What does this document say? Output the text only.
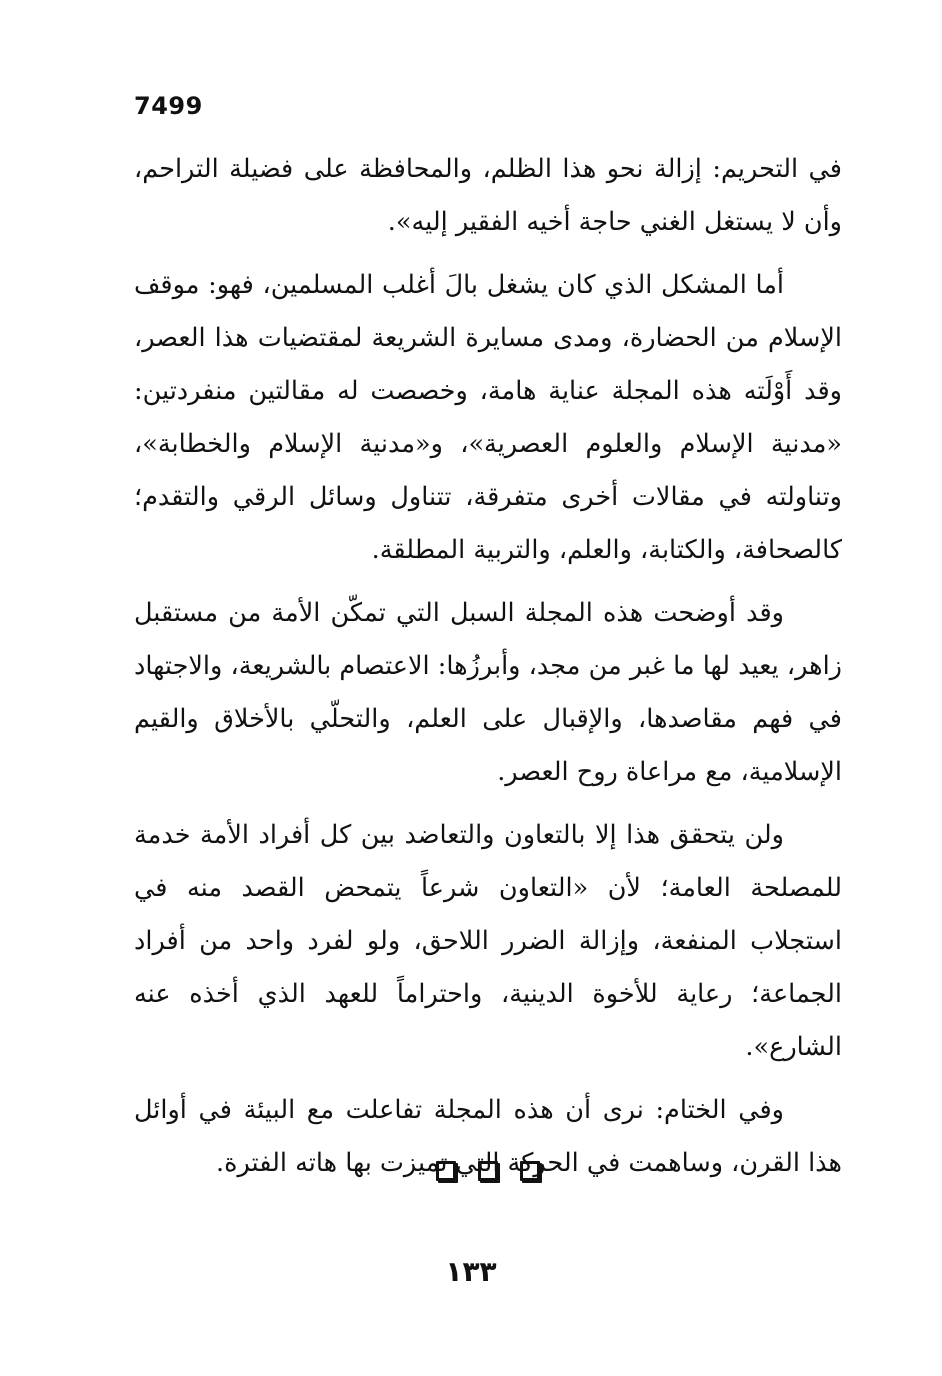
7499

في التحريم: إزالة نحو هذا الظلم، والمحافظة على فضيلة التراحم، وأن لا يستغل الغني حاجة أخيه الفقير إليه».

أما المشكل الذي كان يشغل بالَ أغلب المسلمين، فهو: موقف الإسلام من الحضارة، ومدى مسايرة الشريعة لمقتضيات هذا العصر، وقد أَوْلَته هذه المجلة عناية هامة، وخصصت له مقالتين منفردتين: «مدنية الإسلام والعلوم العصرية»، و«مدنية الإسلام والخطابة»، وتناولته في مقالات أخرى متفرقة، تتناول وسائل الرقي والتقدم؛ كالصحافة، والكتابة، والعلم، والتربية المطلقة.

وقد أوضحت هذه المجلة السبل التي تمكّن الأمة من مستقبل زاهر، يعيد لها ما غبر من مجد، وأبرزُها: الاعتصام بالشريعة، والاجتهاد في فهم مقاصدها، والإقبال على العلم، والتحلّي بالأخلاق والقيم الإسلامية، مع مراعاة روح العصر.

ولن يتحقق هذا إلا بالتعاون والتعاضد بين كل أفراد الأمة خدمة للمصلحة العامة؛ لأن «التعاون شرعاً يتمحض القصد منه في استجلاب المنفعة، وإزالة الضرر اللاحق، ولو لفرد واحد من أفراد الجماعة؛ رعاية للأخوة الدينية، واحتراماً للعهد الذي أخذه عنه الشارع».

وفي الختام: نرى أن هذه المجلة تفاعلت مع البيئة في أوائل هذا القرن، وساهمت في الحركة التي تميزت بها هاته الفترة.

١٣٣
